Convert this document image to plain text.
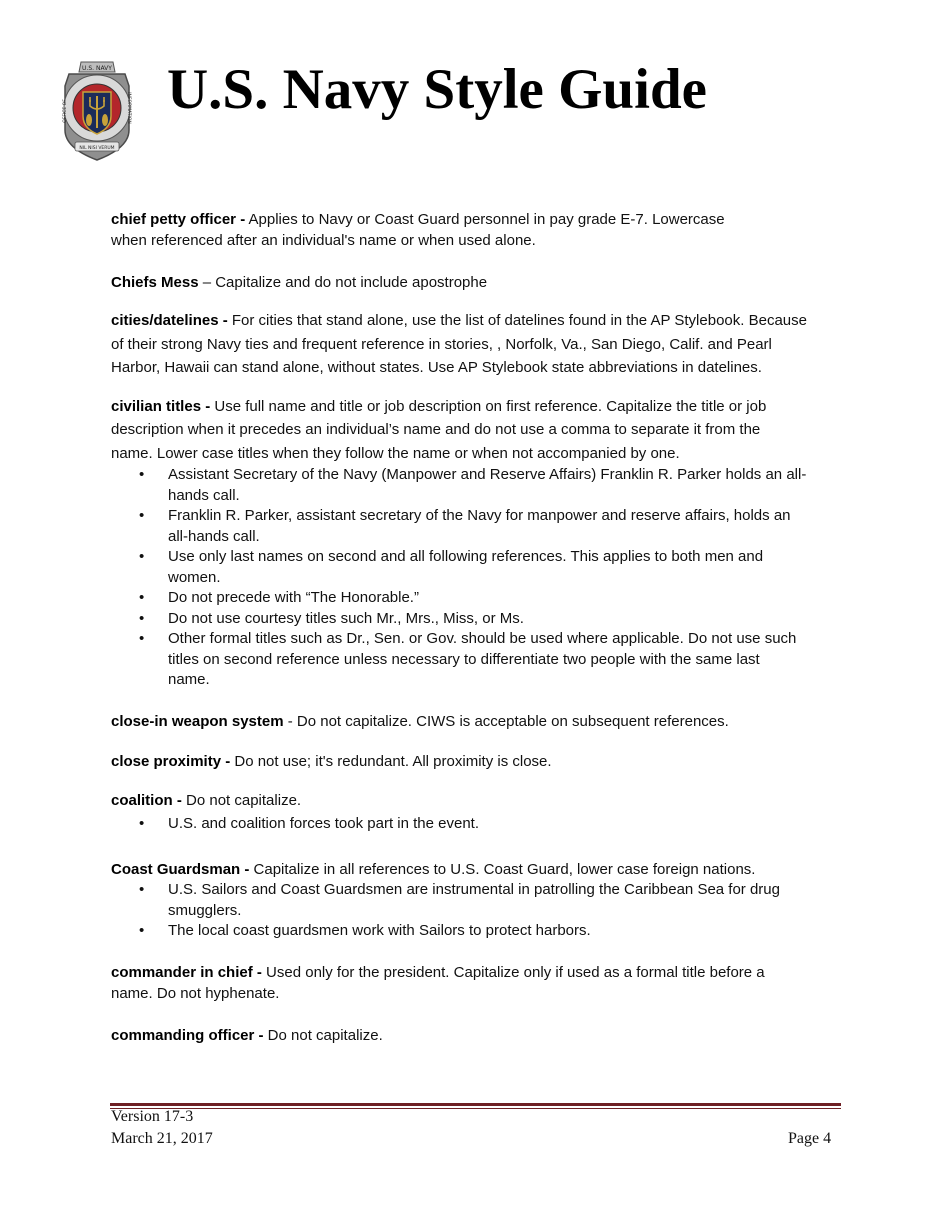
U.S. NAVY
OFFICE OF	INFORMATION
NIL NISI VERUM
U.S. Navy Style Guide

chief petty officer - Applies to Navy or Coast Guard personnel in pay grade E-7. Lowercase
when referenced after an individual's name or when used alone.

Chiefs Mess – Capitalize and do not include apostrophe

cities/datelines - For cities that stand alone, use the list of datelines found in the AP Stylebook. Because
of their strong Navy ties and frequent reference in stories, , Norfolk, Va., San Diego, Calif. and Pearl
Harbor, Hawaii can stand alone, without states. Use AP Stylebook state abbreviations in datelines.

civilian titles - Use full name and title or job description on first reference. Capitalize the title or job
description when it precedes an individual’s name and do not use a comma to separate it from the
name. Lower case titles when they follow the name or when not accompanied by one.

• Assistant Secretary of the Navy (Manpower and Reserve Affairs) Franklin R. Parker holds an all-
hands call.
• Franklin R. Parker, assistant secretary of the Navy for manpower and reserve affairs, holds an
all-hands call.
• Use only last names on second and all following references. This applies to both men and
women.
• Do not precede with “The Honorable.”
• Do not use courtesy titles such Mr., Mrs., Miss, or Ms.
• Other formal titles such as Dr., Sen. or Gov. should be used where applicable. Do not use such
titles on second reference unless necessary to differentiate two people with the same last
name.

close-in weapon system - Do not capitalize. CIWS is acceptable on subsequent references.

close proximity - Do not use; it's redundant. All proximity is close.

coalition - Do not capitalize.

• U.S. and coalition forces took part in the event.

Coast Guardsman - Capitalize in all references to U.S. Coast Guard, lower case foreign nations.

• U.S. Sailors and Coast Guardsmen are instrumental in patrolling the Caribbean Sea for drug
smugglers.
• The local coast guardsmen work with Sailors to protect harbors.

commander in chief - Used only for the president. Capitalize only if used as a formal title before a
name. Do not hyphenate.

commanding officer - Do not capitalize.

Version 17-3
March 21, 2017	Page 4
